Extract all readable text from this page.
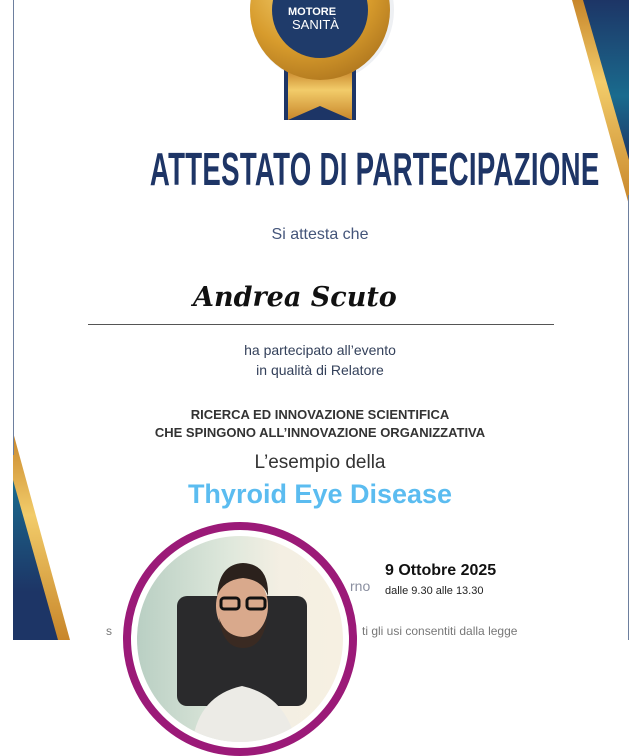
MOTORE
SANITÀ
ATTESTATO DI PARTECIPAZIONE
Si attesta che
Andrea Scuto
ha partecipato all’evento
in qualità di Relatore
RICERCA ED INNOVAZIONE SCIENTIFICA
CHE SPINGONO ALL’INNOVAZIONE ORGANIZZATIVA
L’esempio della
Thyroid Eye Disease
rno
ti gli usi consentiti dalla legge
s
9 Ottobre 2025
dalle 9.30 alle 13.30
